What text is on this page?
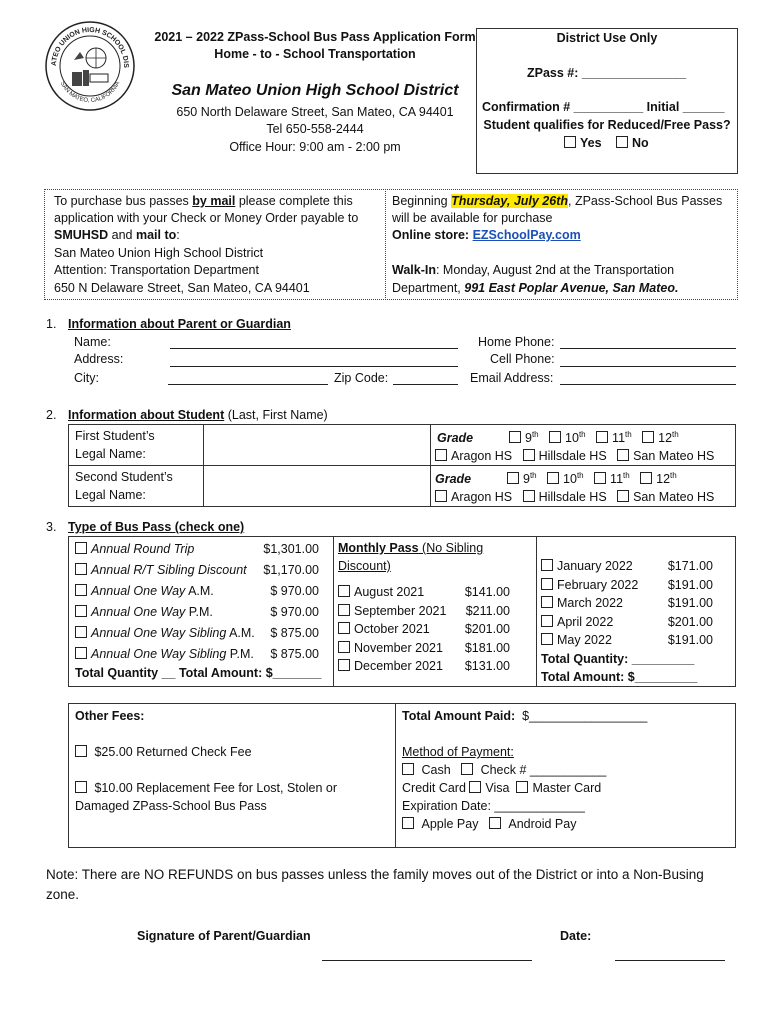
ATEO UNION HIGH SCHOOL DIS
SAN MATEO, CALIFORNIA
2021 – 2022 ZPass-School Bus Pass Application Form
Home - to - School Transportation
San Mateo Union High School District
650 North Delaware Street, San Mateo, CA 94401
Tel 650-558-2444
Office Hour: 9:00 am - 2:00 pm
District Use Only
ZPass #: _______________
Confirmation # __________ Initial ______
Student qualifies for Reduced/Free Pass?
Yes	No
To purchase bus passes by mail please complete this
application with your Check or Money Order payable to
SMUHSD and mail to:
San Mateo Union High School District
Attention: Transportation Department
650 N Delaware Street, San Mateo, CA 94401
Beginning Thursday, July 26th, ZPass-School Bus Passes
will be available for purchase
Online store: EZSchoolPay.com
Walk-In: Monday, August 2nd at the Transportation
Department, 991 East Poplar Avenue, San Mateo.
1. Information about Parent or Guardian
Name:
Address:
City:	Zip Code:
Home Phone:
Cell Phone:
Email Address:
2. Information about Student (Last, First Name)
First Student’s
Legal Name:		Grade 9th 10th 11th 12th
Aragon HS Hillsdale HS San Mateo HS

Second Student’s
Legal Name:		Grade 9th 10th 11th 12th
Aragon HS Hillsdale HS San Mateo HS
3. Type of Bus Pass (check one)
Annual Round Trip	$1,301.00
Annual R/T Sibling Discount $1,170.00
Annual One Way A.M.	$ 970.00
Annual One Way P.M.	$ 970.00
Annual One Way Sibling A.M. $ 875.00
Annual One Way Sibling P.M. $ 875.00
Total Quantity __ Total Amount: $_______

Monthly Pass (No Sibling
Discount)
August 2021	$141.00
September 2021 $211.00
October 2021	$201.00
November 2021 $181.00
December 2021 $131.00

January 2022	$171.00
February 2022 $191.00
March 2022	$191.00
April 2022	$201.00
May 2022	$191.00
Total Quantity: _________
Total Amount: $_________
Other Fees:
$25.00 Returned Check Fee
$10.00 Replacement Fee for Lost, Stolen or
Damaged ZPass-School Bus Pass

Total Amount Paid: $_________________
Method of Payment:
Cash Check # ___________
Credit Card Visa Master Card
Expiration Date: _____________
Apple Pay Android Pay
Note: There are NO REFUNDS on bus passes unless the family moves out of the District or into a Non-Busing
zone.
Signature of Parent/Guardian	Date:
